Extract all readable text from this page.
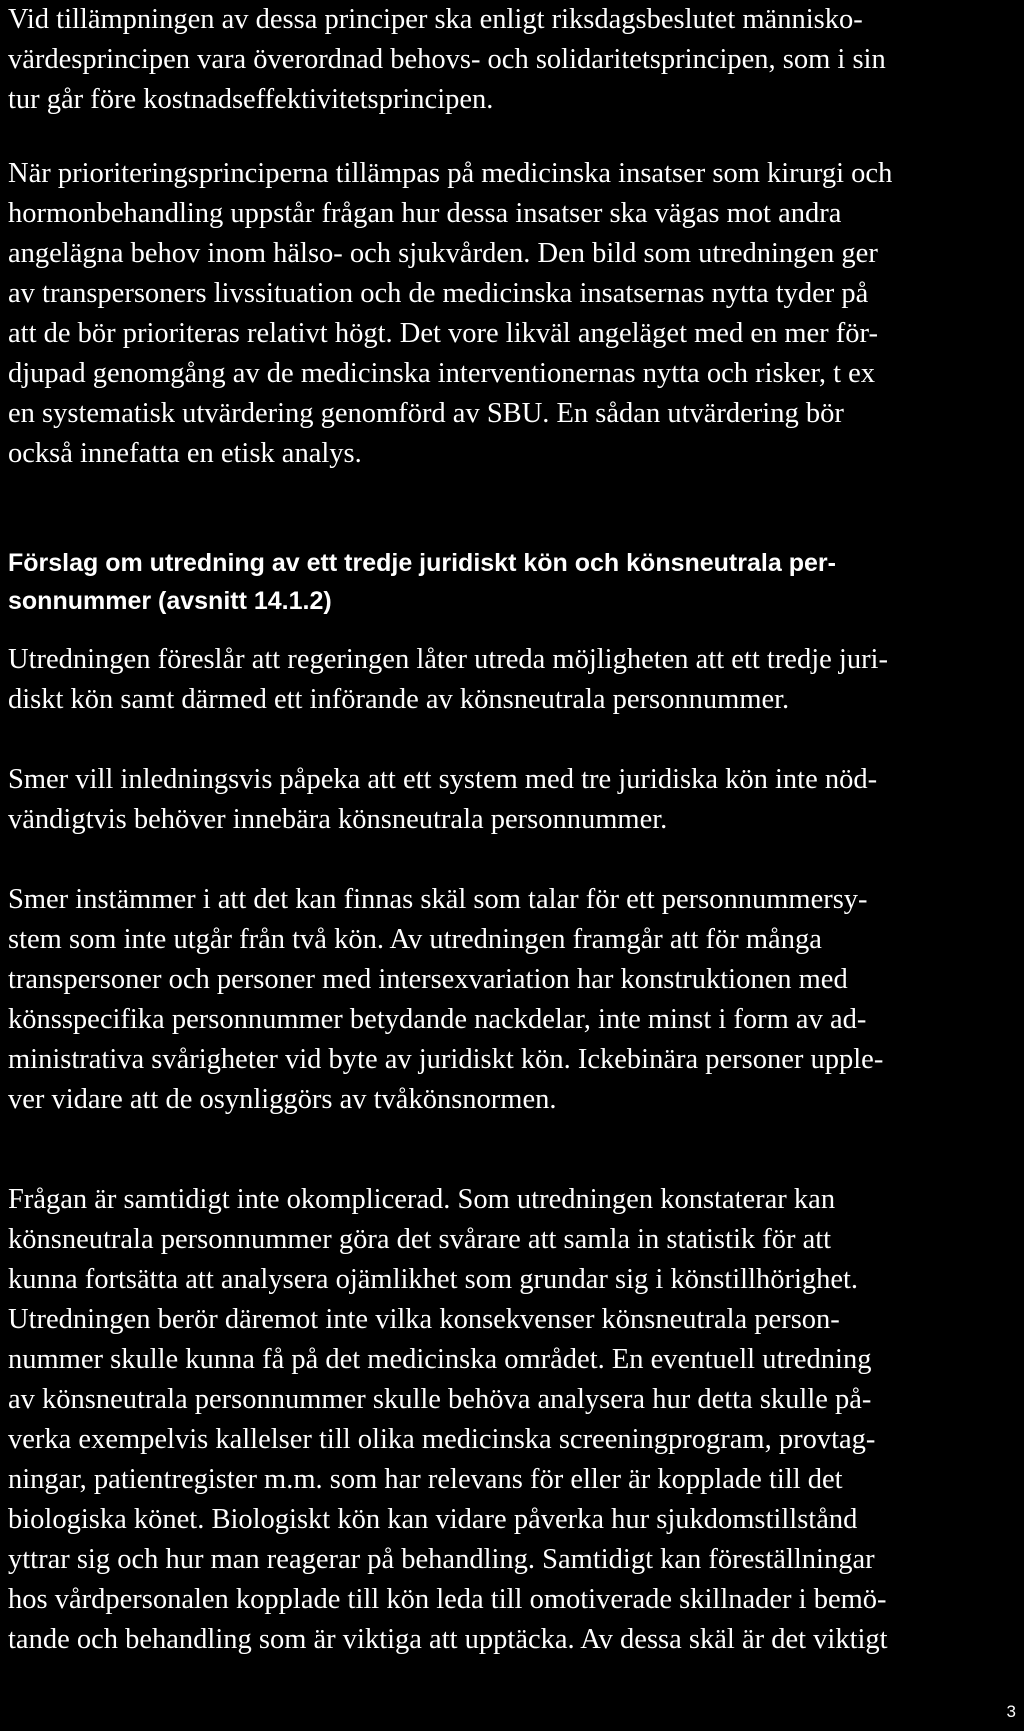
Vid tillämpningen av dessa principer ska enligt riksdagsbeslutet människo-
värdesprincipen vara överordnad behovs- och solidaritetsprincipen, som i sin
tur går före kostnadseffektivitetsprincipen.

När prioriteringsprinciperna tillämpas på medicinska insatser som kirurgi och
hormonbehandling uppstår frågan hur dessa insatser ska vägas mot andra
angelägna behov inom hälso- och sjukvården. Den bild som utredningen ger
av transpersoners livssituation och de medicinska insatsernas nytta tyder på
att de bör prioriteras relativt högt. Det vore likväl angeläget med en mer för-
djupad genomgång av de medicinska interventionernas nytta och risker, t ex
en systematisk utvärdering genomförd av SBU. En sådan utvärdering bör
också innefatta en etisk analys.

Förslag om utredning av ett tredje juridiskt kön och könsneutrala per-
sonnummer (avsnitt 14.1.2)

Utredningen föreslår att regeringen låter utreda möjligheten att ett tredje juri-
diskt kön samt därmed ett införande av könsneutrala personnummer.

Smer vill inledningsvis påpeka att ett system med tre juridiska kön inte nöd-
vändigtvis behöver innebära könsneutrala personnummer.

Smer instämmer i att det kan finnas skäl som talar för ett personnummersy-
stem som inte utgår från två kön. Av utredningen framgår att för många
transpersoner och personer med intersexvariation har konstruktionen med
könsspecifika personnummer betydande nackdelar, inte minst i form av ad-
ministrativa svårigheter vid byte av juridiskt kön. Ickebinära personer upple-
ver vidare att de osynliggörs av tvåkönsnormen.

Frågan är samtidigt inte okomplicerad. Som utredningen konstaterar kan
könsneutrala personnummer göra det svårare att samla in statistik för att
kunna fortsätta att analysera ojämlikhet som grundar sig i könstillhörighet.
Utredningen berör däremot inte vilka konsekvenser könsneutrala person-
nummer skulle kunna få på det medicinska området. En eventuell utredning
av könsneutrala personnummer skulle behöva analysera hur detta skulle på-
verka exempelvis kallelser till olika medicinska screeningprogram, provtag-
ningar, patientregister m.m. som har relevans för eller är kopplade till det
biologiska könet. Biologiskt kön kan vidare påverka hur sjukdomstillstånd
yttrar sig och hur man reagerar på behandling. Samtidigt kan föreställningar
hos vårdpersonalen kopplade till kön leda till omotiverade skillnader i bemö-
tande och behandling som är viktiga att upptäcka. Av dessa skäl är det viktigt

3
